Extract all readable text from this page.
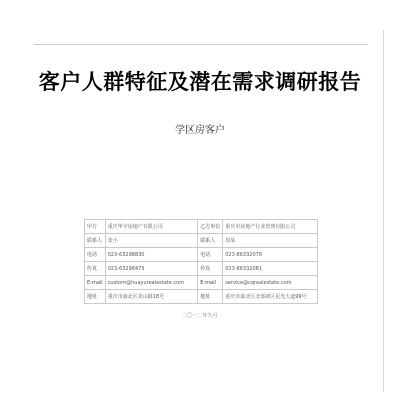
客户人群特征及潜在需求调研报告
学区房客户
甲方	重庆华宇房地产有限公司	乙方单位	重庆市房地产行业管理有限公司
联系人	张小	联系人	周某
电话	023-63298830	电话	023-86332076
传真	023-63298473	传真	023-86332081
E-mail	custom@huayurealestate.com	E-mail	service@cqrealestate.com
地址	重庆市渝北区龙山路18号	地址	重庆市渝北区北部新区星光大道99号
二〇一二年九月
